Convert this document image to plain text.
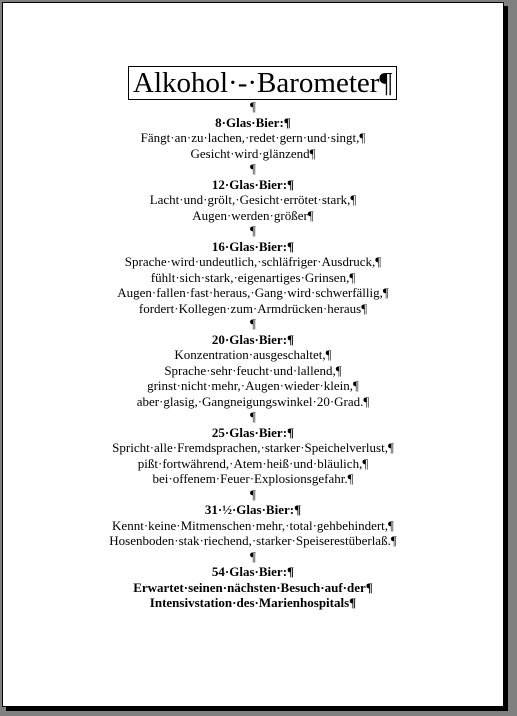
Alkohol·-·Barometer¶
¶
8·Glas·Bier:¶
Fängt·an·zu·lachen,·redet·gern·und·singt,¶
Gesicht·wird·glänzend¶
¶
12·Glas·Bier:¶
Lacht·und·grölt,·Gesicht·errötet·stark,¶
Augen·werden·größer¶
¶
16·Glas·Bier:¶
Sprache·wird·undeutlich,·schläfriger·Ausdruck,¶
fühlt·sich·stark,·eigenartiges·Grinsen,¶
Augen·fallen·fast·heraus,·Gang·wird·schwerfällig,¶
fordert·Kollegen·zum·Armdrücken·heraus¶
¶
20·Glas·Bier:¶
Konzentration·ausgeschaltet,¶
Sprache·sehr·feucht·und·lallend,¶
grinst·nicht·mehr,·Augen·wieder·klein,¶
aber·glasig,·Gangneigungswinkel·20·Grad.¶
¶
25·Glas·Bier:¶
Spricht·alle·Fremdsprachen,·starker·Speichelverlust,¶
pißt·fortwährend,·Atem·heiß·und·bläulich,¶
bei·offenem·Feuer·Explosionsgefahr.¶
¶
31·½·Glas·Bier:¶
Kennt·keine·Mitmenschen·mehr,·total·gehbehindert,¶
Hosenboden·stak·riechend,·starker·Speiserestüberlaß.¶
¶
54·Glas·Bier:¶
Erwartet·seinen·nächsten·Besuch·auf·der¶
Intensivstation·des·Marienhospitals¶
